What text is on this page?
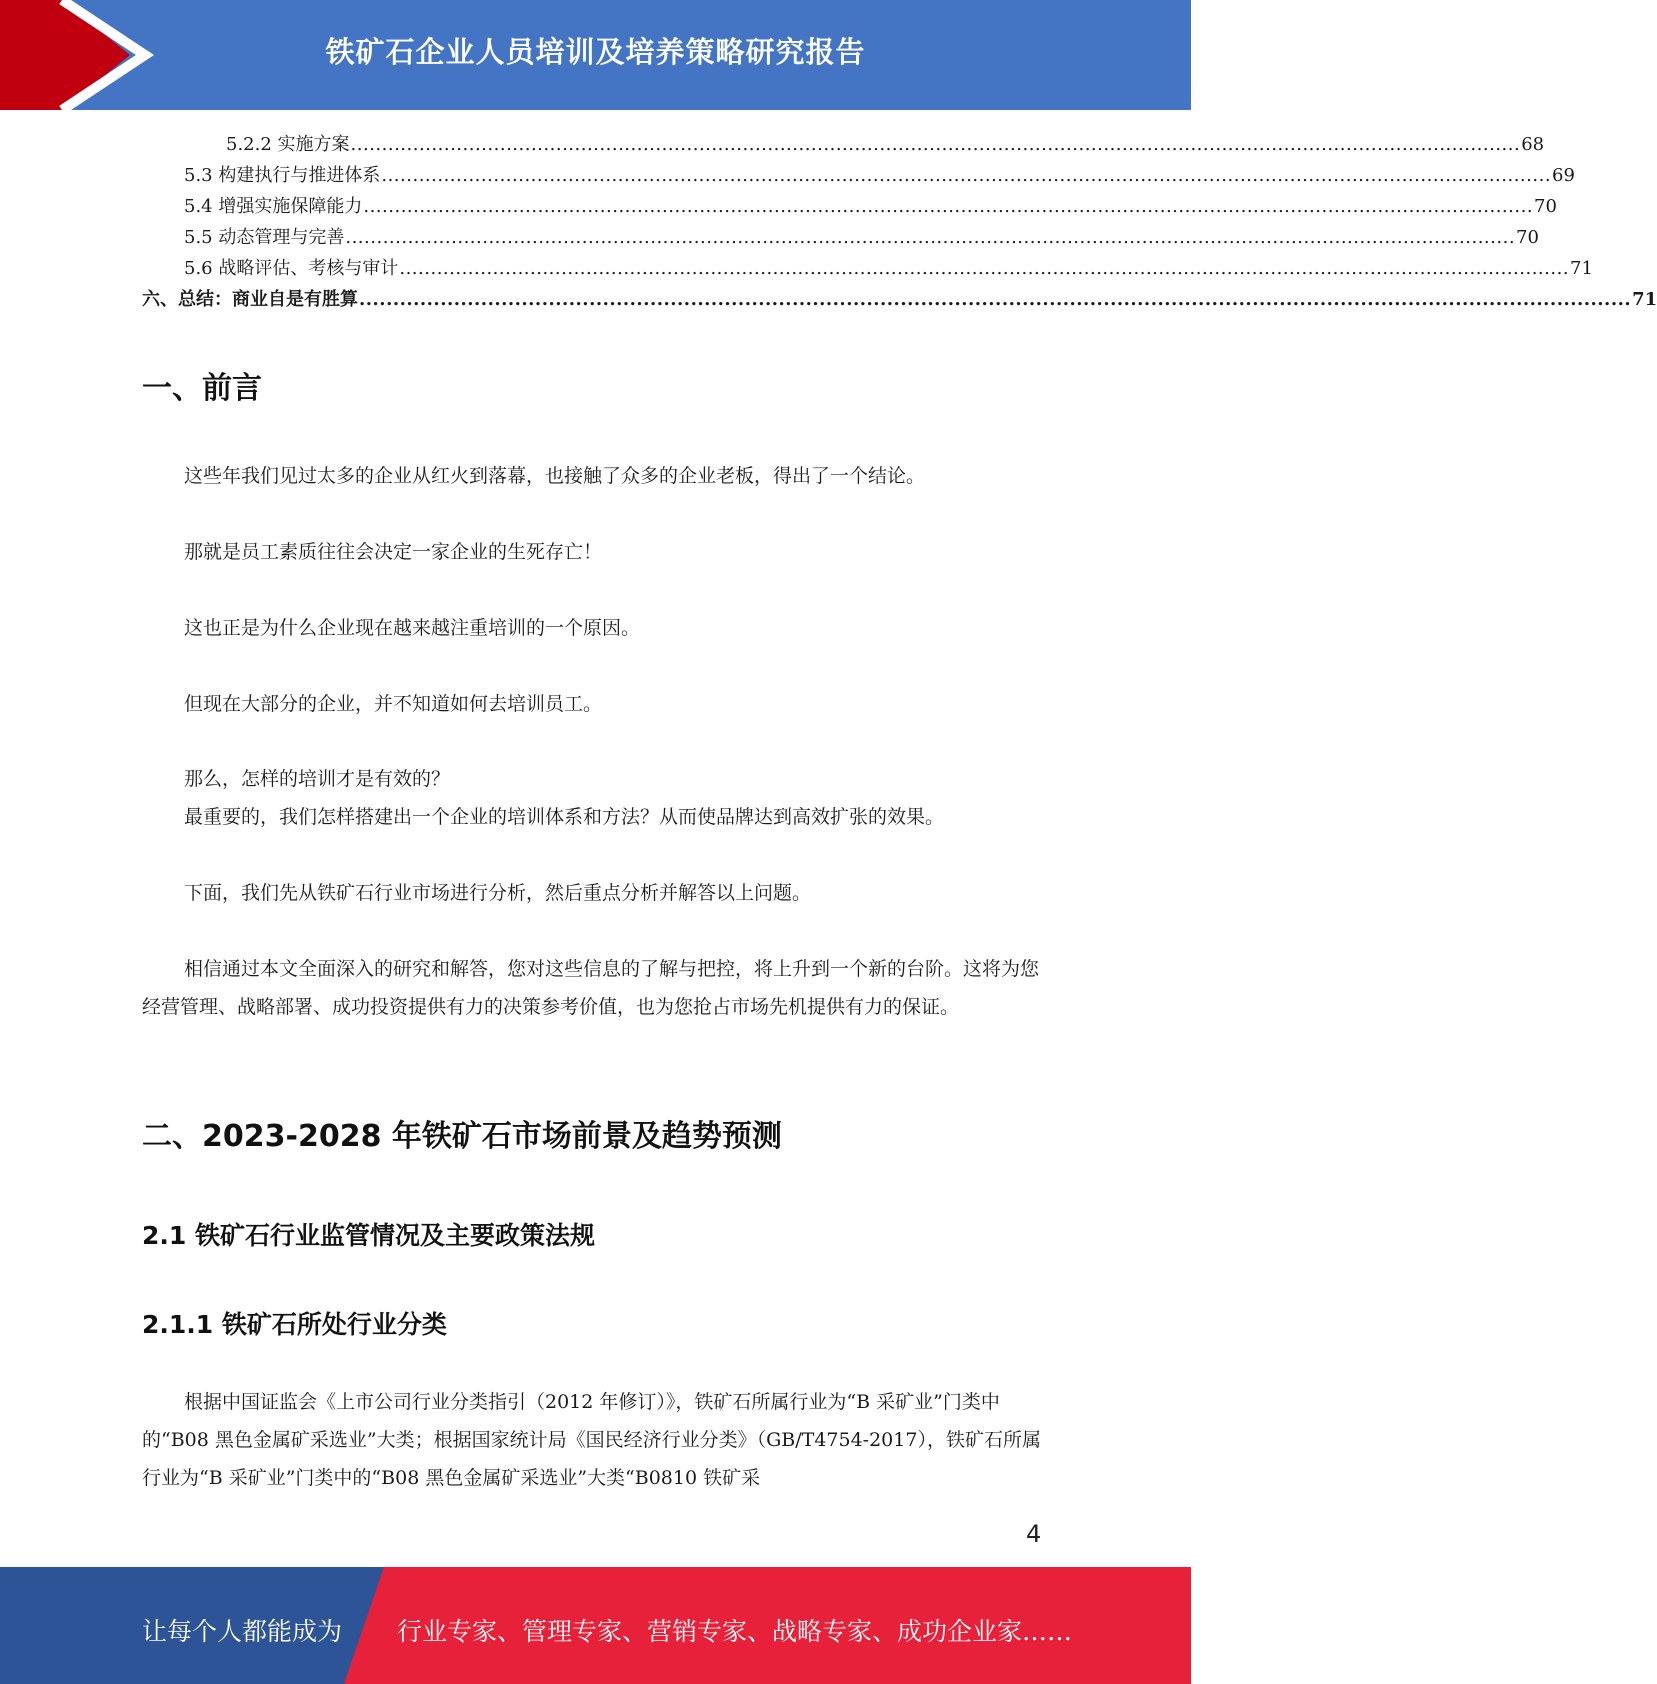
铁矿石企业人员培训及培养策略研究报告
5.2.2 实施方案 ............................................................................................................................................................................................ 68
5.3 构建执行与推进体系 ............................................................................................................................................................................................ 69
5.4 增强实施保障能力 ............................................................................................................................................................................................ 70
5.5 动态管理与完善 ............................................................................................................................................................................................ 70
5.6 战略评估、考核与审计 ............................................................................................................................................................................................ 71
六、总结：商业自是有胜算 ............................................................................................................................................................................................ 71
一、前言
这些年我们见过太多的企业从红火到落幕，也接触了众多的企业老板，得出了一个结论。
那就是员工素质往往会决定一家企业的生死存亡！
这也正是为什么企业现在越来越注重培训的一个原因。
但现在大部分的企业，并不知道如何去培训员工。
那么，怎样的培训才是有效的？
最重要的，我们怎样搭建出一个企业的培训体系和方法？从而使品牌达到高效扩张的效果。
下面，我们先从铁矿石行业市场进行分析，然后重点分析并解答以上问题。
相信通过本文全面深入的研究和解答，您对这些信息的了解与把控，将上升到一个新的台阶。这将为您经营管理、战略部署、成功投资提供有力的决策参考价值，也为您抢占市场先机提供有力的保证。
二、2023-2028 年铁矿石市场前景及趋势预测
2.1 铁矿石行业监管情况及主要政策法规
2.1.1 铁矿石所处行业分类
根据中国证监会《上市公司行业分类指引（2012 年修订）》，铁矿石所属行业为“B 采矿业”门类中的“B08 黑色金属矿采选业”大类；根据国家统计局《国民经济行业分类》（GB/T4754-2017），铁矿石所属行业为“B 采矿业”门类中的“B08 黑色金属矿采选业”大类“B0810 铁矿采
4
让每个人都能成为 行业专家、管理专家、营销专家、战略专家、成功企业家……
